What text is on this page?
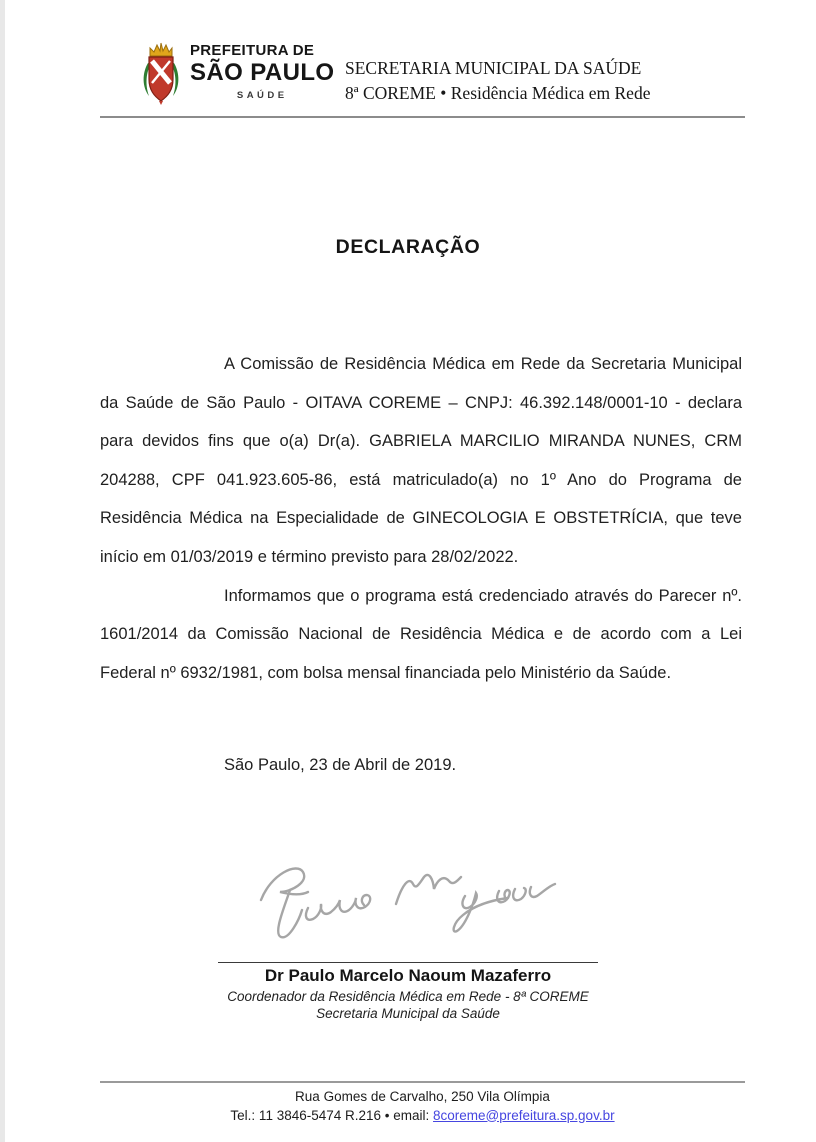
PREFEITURA DE
SÃO PAULO
SAÚDE
SECRETARIA MUNICIPAL DA SAÚDE
8ª COREME • Residência Médica em Rede
DECLARAÇÃO

A Comissão de Residência Médica em Rede da Secretaria Municipal da Saúde de São Paulo - OITAVA COREME – CNPJ: 46.392.148/0001-10 - declara para devidos fins que o(a) Dr(a). GABRIELA MARCILIO MIRANDA NUNES, CRM 204288, CPF 041.923.605-86, está matriculado(a) no 1º Ano do Programa de Residência Médica na Especialidade de GINECOLOGIA E OBSTETRÍCIA, que teve início em 01/03/2019 e término previsto para 28/02/2022.

Informamos que o programa está credenciado através do Parecer nº. 1601/2014 da Comissão Nacional de Residência Médica e de acordo com a Lei Federal nº 6932/1981, com bolsa mensal financiada pelo Ministério da Saúde.

São Paulo, 23 de Abril de 2019.

Dr Paulo Marcelo Naoum Mazaferro
Coordenador da Residência Médica em Rede - 8ª COREME
Secretaria Municipal da Saúde
Rua Gomes de Carvalho, 250 Vila Olímpia
Tel.: 11 3846-5474 R.216 • email: 8coreme@prefeitura.sp.gov.br
